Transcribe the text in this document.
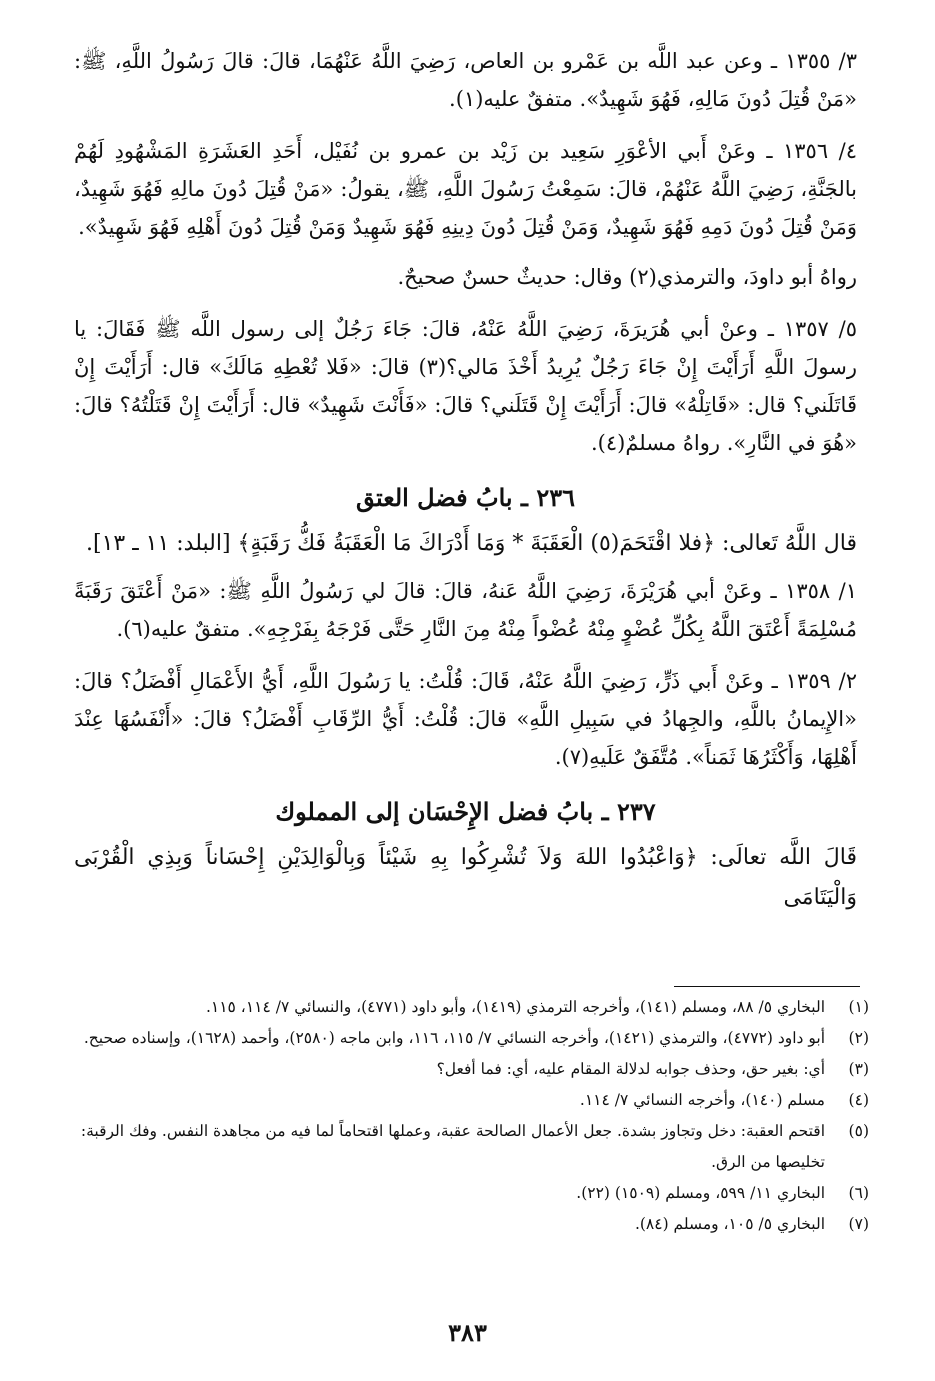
٣/ ١٣٥٥ ـ وعن عبد اللَّه بن عَمْرو بن العاص، رَضِيَ اللَّهُ عَنْهُمَا، قالَ: قالَ رَسُولُ اللَّهِ، ﷺ: «مَنْ قُتِلَ دُونَ مَالِهِ، فَهُوَ شَهِيدٌ». متفقٌ عليه(١).

٤/ ١٣٥٦ ـ وعَنْ أَبي الأعْوَرِ سَعِيد بن زَيْد بن عمرو بن نُفَيْل، أَحَدِ العَشَرَةِ المَشْهُودِ لَهُمْ بالجَنَّةِ، رَضِيَ اللَّهُ عَنْهُمْ، قالَ: سَمِعْتُ رَسُولَ اللَّهِ، ﷺ، يقولُ: «مَنْ قُتِلَ دُونَ مالِهِ فَهُوَ شَهِيدٌ، وَمَنْ قُتِلَ دُونَ دَمِهِ فَهُوَ شَهِيدٌ، وَمَنْ قُتِلَ دُونَ دِينِهِ فَهُوَ شَهِيدٌ وَمَنْ قُتِلَ دُونَ أَهْلِهِ فَهُوَ شَهِيدٌ».

رواهُ أبو داودَ، والترمذي(٢) وقال: حديثٌ حسنٌ صحيحٌ.

٥/ ١٣٥٧ ـ وعنْ أبي هُرَيرَةَ، رَضِيَ اللَّهُ عَنْهُ، قالَ: جَاءَ رَجُلٌ إلى رسول اللَّه ﷺ فَقَالَ: يا رسولَ اللَّهِ أَرَأَيْتَ إِنْ جَاءَ رَجُلٌ يُرِيدُ أَخْذَ مَالي؟(٣) قالَ: «فَلا تُعْطِهِ مَالَكَ» قال: أَرَأَيْتَ إِنْ قَاتَلَني؟ قال: «قَاتِلْهُ» قالَ: أَرَأَيْتَ إِنْ قَتَلَني؟ قالَ: «فَأَنْتَ شَهِيدٌ» قال: أَرَأَيْتَ إِنْ قَتَلْتُهُ؟ قالَ: «هُوَ في النَّارِ». رواهُ مسلمٌ(٤).

٢٣٦ ـ بابُ فضل العتق

قال اللَّهُ تَعالى: ﴿فلا اقْتَحَمَ(٥) الْعَقَبَةَ * وَمَا أَدْرَاكَ مَا الْعَقَبَةُ فَكُّ رَقَبَةٍ﴾ [البلد: ١١ ـ ١٣].

١/ ١٣٥٨ ـ وعَنْ أبي هُرَيْرَةَ، رَضِيَ اللَّهُ عَنهُ، قالَ: قالَ لي رَسُولُ اللَّهِ ﷺ: «مَنْ أَعْتَقَ رَقَبَةً مُسْلِمَةً أَعْتَقَ اللَّهُ بِكُلِّ عُضْوٍ مِنْهُ عُضْواً مِنْهُ مِنَ النَّارِ حَتَّى فَرْجَهُ بِفَرْجِهِ». متفقٌ عليه(٦).

٢/ ١٣٥٩ ـ وعَنْ أَبي ذَرٍّ، رَضِيَ اللَّهُ عَنْهُ، قَالَ: قُلْتُ: يا رَسُولَ اللَّهِ، أَيُّ الأَعْمَالِ أَفْضَلُ؟ قالَ: «الإِيمانُ باللَّهِ، والجِهادُ في سَبِيلِ اللَّهِ» قالَ: قُلْتُ: أَيُّ الرِّقَابِ أَفْضَلُ؟ قالَ: «أَنْفَسُهَا عِنْدَ أَهْلِهَا، وَأَكْثَرُهَا ثَمَناً». مُتَّفَقٌ عَلَيهِ(٧).

٢٣٧ ـ بابُ فضل الإِحْسَان إلى المملوك

قَالَ اللَّه تعالَى: ﴿وَاعْبُدُوا اللهَ وَلاَ تُشْرِكُوا بِهِ شَيْئاً وَبِالْوَالِدَيْنِ إِحْسَاناً وَبِذِي الْقُرْبَى وَالْيَتَامَى

(١)
البخاري ٥/ ٨٨، ومسلم (١٤١)، وأخرجه الترمذي (١٤١٩)، وأبو داود (٤٧٧١)، والنسائي ٧/ ١١٤، ١١٥.
(٢)
أبو داود (٤٧٧٢)، والترمذي (١٤٢١)، وأخرجه النسائي ٧/ ١١٥، ١١٦، وابن ماجه (٢٥٨٠)، وأحمد (١٦٢٨)، وإسناده صحيح.
(٣)
أي: بغير حق، وحذف جوابه لدلالة المقام عليه، أي: فما أفعل؟
(٤)
مسلم (١٤٠)، وأخرجه النسائي ٧/ ١١٤.
(٥)
اقتحم العقبة: دخل وتجاوز بشدة. جعل الأعمال الصالحة عقبة، وعملها اقتحاماً لما فيه من مجاهدة النفس. وفك الرقبة: تخليصها من الرق.
(٦)
البخاري ١١/ ٥٩٩، ومسلم (١٥٠٩) (٢٢).
(٧)
البخاري ٥/ ١٠٥، ومسلم (٨٤).
٣٨٣
